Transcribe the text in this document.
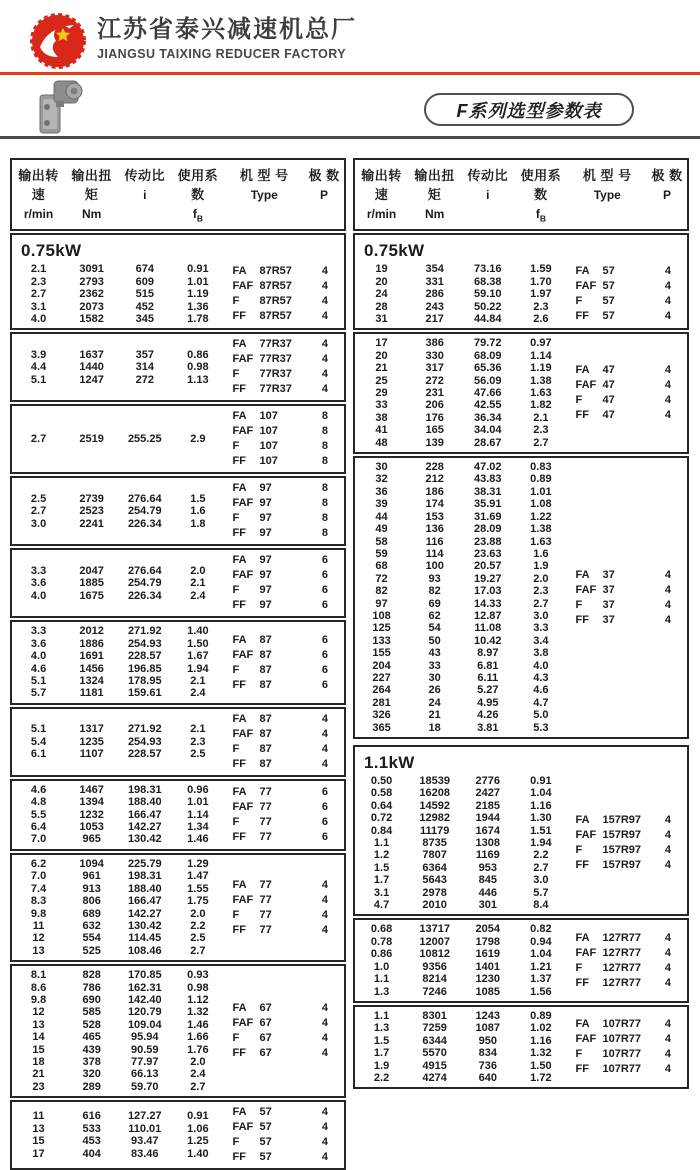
江苏省泰兴减速机总厂
JIANGSU TAIXING REDUCER FACTORY
F系列选型参数表
输出转速
r/min
输出扭矩
Nm
传动比
i
使用系数
$f_B$
机 型 号
Type
极 数
P
0.75kW
2.1	3091	674	0.91
2.3	2793	609	1.01
2.7	2362	515	1.19
3.1	2073	452	1.36
4.0	1582	345	1.78
FA	87R57	4
FAF 87R57	4
F	87R57	4
FF	87R57	4
3.9	1637	357	0.86
4.4	1440	314	0.98
5.1	1247	272	1.13
FA	77R37	4
FAF 77R37	4
F	77R37	4
FF	77R37	4
2.7	2519	255.25	2.9
FA	107	8
FAF 107	8
F	107	8
FF	107	8
2.5	2739	276.64	1.5
2.7	2523	254.79	1.6
3.0	2241	226.34	1.8
FA	97	8
FAF 97	8
F	97	8
FF	97	8
3.3	2047	276.64	2.0
3.6	1885	254.79	2.1
4.0	1675	226.34	2.4
FA	97	6
FAF 97	6
F	97	6
FF	97	6
3.3	2012	271.92	1.40
3.6	1886	254.93	1.50
4.0	1691	228.57	1.67
4.6	1456	196.85	1.94
5.1	1324	178.95	2.1
5.7	1181	159.61	2.4
FA	87	6
FAF 87	6
F	87	6
FF	87	6
5.1	1317	271.92	2.1
5.4	1235	254.93	2.3
6.1	1107	228.57	2.5
FA	87	4
FAF 87	4
F	87	4
FF	87	4
4.6	1467	198.31	0.96
4.8	1394	188.40	1.01
5.5	1232	166.47	1.14
6.4	1053	142.27	1.34
7.0	965	130.42	1.46
FA	77	6
FAF 77	6
F	77	6
FF	77	6
6.2	1094	225.79	1.29
7.0	961	198.31	1.47
7.4	913	188.40	1.55
8.3	806	166.47	1.75
9.8	689	142.27	2.0
11	632	130.42	2.2
12	554	114.45	2.5
13	525	108.46	2.7
FA	77	4
FAF 77	4
F	77	4
FF	77	4
8.1	828	170.85	0.93
8.6	786	162.31	0.98
9.8	690	142.40	1.12
12	585	120.79	1.32
13	528	109.04	1.46
14	465	95.94	1.66
15	439	90.59	1.76
18	378	77.97	2.0
21	320	66.13	2.4
23	289	59.70	2.7
FA	67	4
FAF 67	4
F	67	4
FF	67	4
11	616	127.27	0.91
13	533	110.01	1.06
15	453	93.47	1.25
17	404	83.46	1.40
FA	57	4
FAF 57	4
F	57	4
FF	57	4
输出转速
r/min
输出扭矩
Nm
传动比
i
使用系数
$f_B$
机 型 号
Type
极 数
P
0.75kW
19	354	73.16	1.59
20	331	68.38	1.70
24	286	59.10	1.97
28	243	50.22	2.3
31	217	44.84	2.6
FA	57	4
FAF 57	4
F	57	4
FF	57	4
17	386	79.72	0.97
20	330	68.09	1.14
21	317	65.36	1.19
25	272	56.09	1.38
29	231	47.66	1.63
33	206	42.55	1.82
38	176	36.34	2.1
41	165	34.04	2.3
48	139	28.67	2.7
FA	47	4
FAF 47	4
F	47	4
FF	47	4
30	228	47.02	0.83
32	212	43.83	0.89
36	186	38.31	1.01
39	174	35.91	1.08
44	153	31.69	1.22
49	136	28.09	1.38
58	116	23.88	1.63
59	114	23.63	1.6
68	100	20.57	1.9
72	93	19.27	2.0
82	82	17.03	2.3
97	69	14.33	2.7
108	62	12.87	3.0
125	54	11.08	3.3
133	50	10.42	3.4
155	43	8.97	3.8
204	33	6.81	4.0
227	30	6.11	4.3
264	26	5.27	4.6
281	24	4.95	4.7
326	21	4.26	5.0
365	18	3.81	5.3
FA	37	4
FAF 37	4
F	37	4
FF	37	4
1.1kW
0.50	18539	2776	0.91
0.58	16208	2427	1.04
0.64	14592	2185	1.16
0.72	12982	1944	1.30
0.84	11179	1674	1.51
1.1	8735	1308	1.94
1.2	7807	1169	2.2
1.5	6364	953	2.7
1.7	5643	845	3.0
3.1	2978	446	5.7
4.7	2010	301	8.4
FA	157R97	4
FAF 157R97	4
F	157R97	4
FF	157R97	4
0.68	13717	2054	0.82
0.78	12007	1798	0.94
0.86	10812	1619	1.04
1.0	9356	1401	1.21
1.1	8214	1230	1.37
1.3	7246	1085	1.56
FA	127R77	4
FAF 127R77	4
F	127R77	4
FF	127R77	4
1.1	8301	1243	0.89
1.3	7259	1087	1.02
1.5	6344	950	1.16
1.7	5570	834	1.32
1.9	4915	736	1.50
2.2	4274	640	1.72
FA	107R77	4
FAF 107R77	4
F	107R77	4
FF	107R77	4
